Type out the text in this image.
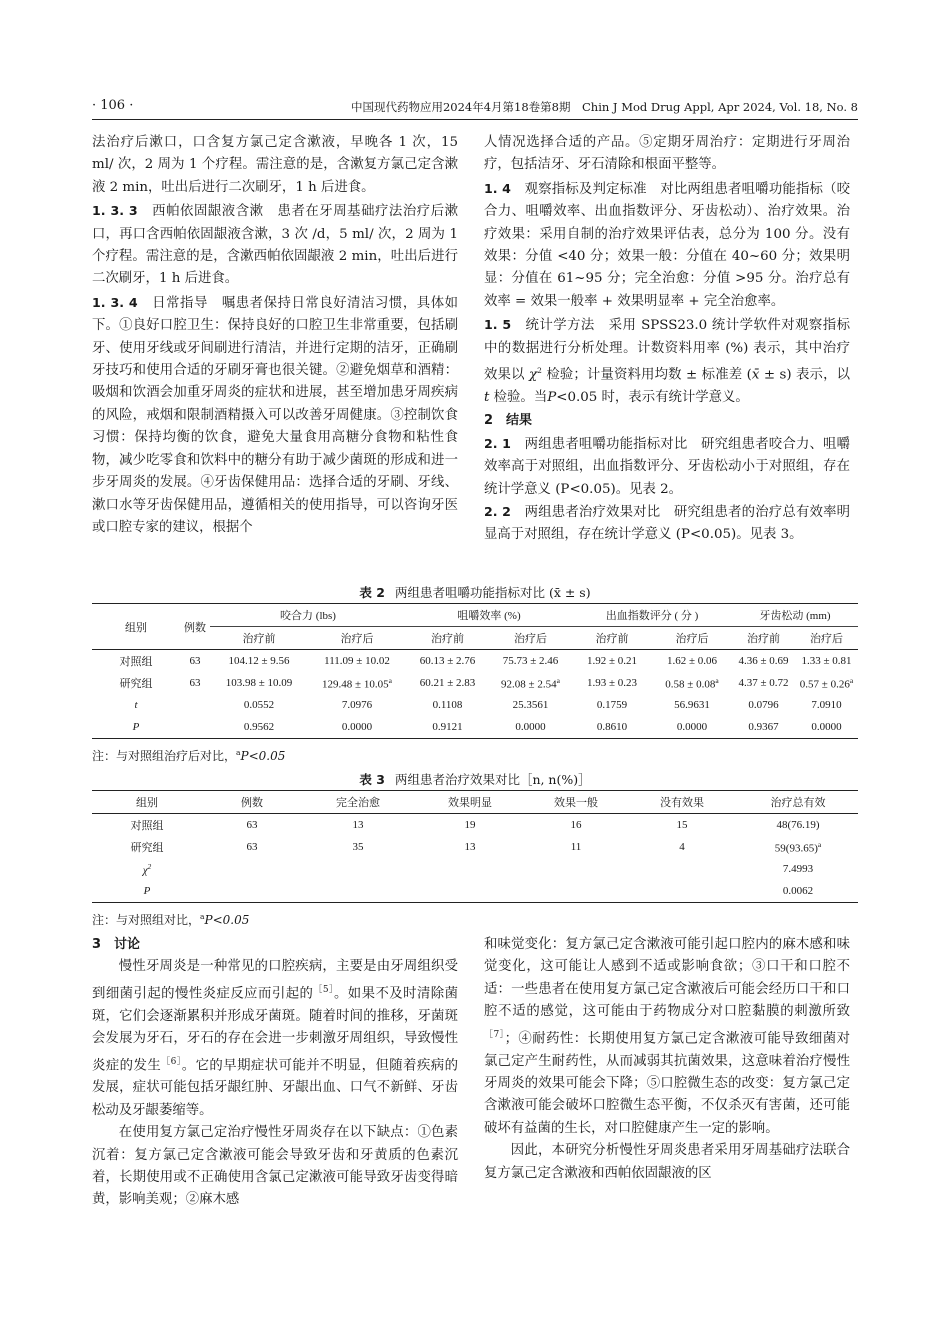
· 106 ·	中国现代药物应用2024年4月第18卷第8期　Chin J Mod Drug Appl, Apr 2024, Vol. 18, No. 8

法治疗后漱口，口含复方氯己定含漱液，早晚各 1 次，15 ml/ 次，2 周为 1 个疗程。需注意的是，含漱复方氯己定含漱液 2 min，吐出后进行二次刷牙，1 h 后进食。

1. 3. 3　 西帕依固龈液含漱　 患者在牙周基础疗法治疗后漱口，再口含西帕依固龈液含漱，3 次 /d，5 ml/ 次，2 周为 1 个疗程。需注意的是，含漱西帕依固龈液 2 min，吐出后进行二次刷牙，1 h 后进食。

1. 3. 4　 日常指导　 嘱患者保持日常良好清洁习惯，具体如下。①良好口腔卫生：保持良好的口腔卫生非常重要，包括刷牙、使用牙线或牙间刷进行清洁，并进行定期的洁牙，正确刷牙技巧和使用合适的牙刷牙膏也很关键。②避免烟草和酒精：吸烟和饮酒会加重牙周炎的症状和进展，甚至增加患牙周疾病的风险，戒烟和限制酒精摄入可以改善牙周健康。③控制饮食习惯：保持均衡的饮食，避免大量食用高糖分食物和粘性食物，减少吃零食和饮料中的糖分有助于减少菌斑的形成和进一步牙周炎的发展。④牙齿保健用品：选择合适的牙刷、牙线、漱口水等牙齿保健用品，遵循相关的使用指导，可以咨询牙医或口腔专家的建议，根据个

人情况选择合适的产品。⑤定期牙周治疗：定期进行牙周治疗，包括洁牙、牙石清除和根面平整等。

1. 4　 观察指标及判定标准　 对比两组患者咀嚼功能指标（咬合力、咀嚼效率、出血指数评分、牙齿松动）、治疗效果。治疗效果：采用自制的治疗效果评估表，总分为 100 分。没有效果：分值 <40 分；效果一般：分值在 40~60 分；效果明显：分值在 61~95 分；完全治愈：分值 >95 分。治疗总有效率 = 效果一般率 + 效果明显率 + 完全治愈率。

1. 5　 统计学方法　 采用 SPSS23.0 统计学软件对观察指标中的数据进行分析处理。计数资料用率 (%) 表示，其中治疗效果以 $\chi^2$ 检验；计量资料用均数 ± 标准差 (x̄ ± s) 表示，以 t 检验。当P<0.05 时，表示有统计学意义。

2　结果

2. 1　 两组患者咀嚼功能指标对比　 研究组患者咬合力、咀嚼效率高于对照组，出血指数评分、牙齿松动小于对照组，存在统计学意义 (P<0.05)。见表 2。

2. 2　 两组患者治疗效果对比　 研究组患者的治疗总有效率明显高于对照组，存在统计学意义 (P<0.05)。见表 3。

表 2 两组患者咀嚼功能指标对比 (x̄ ± s)
组别	例数	咬合力 (lbs)		咀嚼效率 (%)		出血指数评分 ( 分 )		牙齿松动 (mm)	
		治疗前	治疗后	治疗前	治疗后	治疗前	治疗后	治疗前	治疗后
对照组	63	104.12 ± 9.56	111.09 ± 10.02	60.13 ± 2.76	75.73 ± 2.46	1.92 ± 0.21	1.62 ± 0.06	4.36 ± 0.69	1.33 ± 0.81
研究组	63	103.98 ± 10.09	129.48 ± 10.05$^a$	60.21 ± 2.83	92.08 ± 2.54$^a$	1.93 ± 0.23	0.58 ± 0.08$^a$	4.37 ± 0.72	0.57 ± 0.26$^a$
t		0.0552	7.0976	0.1108	25.3561	0.1759	56.9631	0.0796	7.0910
P		0.9562	0.0000	0.9121	0.0000	0.8610	0.0000	0.9367	0.0000
注：与对照组治疗后对比，$^a$P<0.05
表 3 两组患者治疗效果对比［n, n(%)］
组别	例数	完全治愈	效果明显	效果一般	没有效果	治疗总有效
对照组	63	13	19	16	15	48(76.19)
研究组	63	35	13	11	4	$59(93.65)^a$
$\chi^2$						7.4993
P						0.0062
注：与对照组对比，$^a$P<0.05

3　讨论

慢性牙周炎是一种常见的口腔疾病，主要是由牙周组织受到细菌引起的慢性炎症反应而引起的$^{[5]}$。如果不及时清除菌斑，它们会逐渐累积并形成牙菌斑。随着时间的推移，牙菌斑会发展为牙石，牙石的存在会进一步刺激牙周组织，导致慢性炎症的发生$^{[6]}$。它的早期症状可能并不明显，但随着疾病的发展，症状可能包括牙龈红肿、牙龈出血、口气不新鲜、牙齿松动及牙龈萎缩等。

在使用复方氯己定治疗慢性牙周炎存在以下缺点：①色素沉着：复方氯己定含漱液可能会导致牙齿和牙黄质的色素沉着，长期使用或不正确使用含氯己定漱液可能导致牙齿变得暗黄，影响美观；②麻木感

和味觉变化：复方氯己定含漱液可能引起口腔内的麻木感和味觉变化，这可能让人感到不适或影响食欲；③口干和口腔不适：一些患者在使用复方氯己定含漱液后可能会经历口干和口腔不适的感觉，这可能由于药物成分对口腔黏膜的刺激所致$^{[7]}$；④耐药性：长期使用复方氯己定含漱液可能导致细菌对氯己定产生耐药性，从而减弱其抗菌效果，这意味着治疗慢性牙周炎的效果可能会下降；⑤口腔微生态的改变：复方氯己定含漱液可能会破坏口腔微生态平衡，不仅杀灭有害菌，还可能破坏有益菌的生长，对口腔健康产生一定的影响。

因此，本研究分析慢性牙周炎患者采用牙周基础疗法联合复方氯己定含漱液和西帕依固龈液的区
